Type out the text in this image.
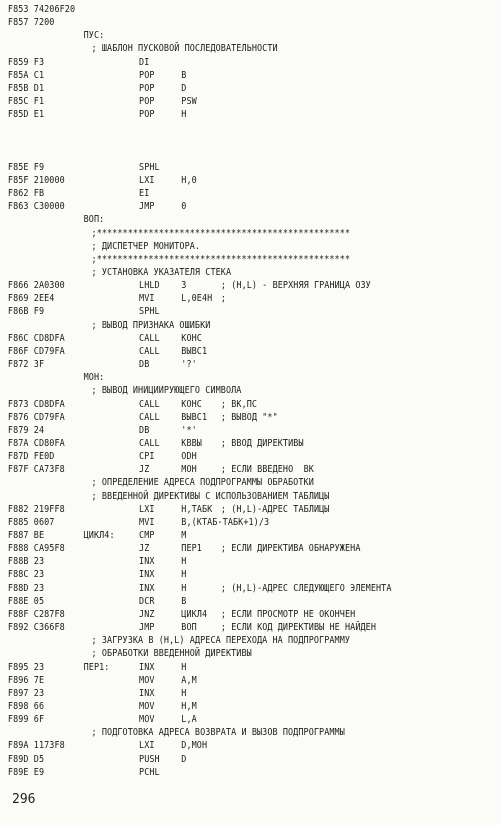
F853 74206F20
F857 7200
ПУС:
; ШАБЛОН ПУСКОВОЙ ПОСЛЕДОВАТЕЛЬНОСТИ
F859 F3	DI
F85A C1	POP	B
F85B D1	POP	D
F85C F1	POP	PSW
F85D E1	POP	H
F85E F9	SPHL
F85F 210000	LXI	H,0
F862 FB	EI
F863 C30000	JMP	0
ВОП:
;*************************************************
; ДИСПЕТЧЕР МОНИТОРА.
;*************************************************
; УСТАНОВКА УКАЗАТЕЛЯ СТЕКА
F866 2A0300	LHLD 3	; (H,L) - ВЕРХНЯЯ ГРАНИЦА ОЗУ
F869 2EE4	MVI	L,0E4H ;
F86B F9	SPHL
; ВЫВОД ПРИЗНАКА ОШИБКИ
F86C CD8DFA	CALL КОНС
F86F CD79FA	CALL ВЫВС1
F872 3F	DB	'?'
МОН:
; ВЫВОД ИНИЦИИРУЮЩЕГО СИМВОЛА
F873 CD8DFA	CALL КОНС ; ВК,ПС
F876 CD79FA	CALL ВЫВС1 ; ВЫВОД "*"
F879 24	DB	'*'
F87A CD80FA	CALL КВВЫ ; ВВОД ДИРЕКТИВЫ
F87D FE0D	CPI	ODH
F87F CA73F8	JZ	МОН	; ЕСЛИ ВВЕДЕНО  ВК
; ОПРЕДЕЛЕНИЕ АДРЕСА ПОДПРОГРАММЫ ОБРАБОТКИ
; ВВЕДЕННОЙ ДИРЕКТИВЫ С ИСПОЛЬЗОВАНИЕМ ТАБЛИЦЫ
F882 219FF8	LXI	H,ТАБК ; (H,L)-АДРЕС ТАБЛИЦЫ
F885 0607	MVI	B,(КТАБ-ТАБК+1)/3
F887 BE	ЦИКЛ4:	CMP	M
F888 CA95F8	JZ	ПЕР1 ; ЕСЛИ ДИРЕКТИВА ОБНАРУЖЕНА
F88B 23	INX	H
F88C 23	INX	H
F88D 23	INX	H	; (H,L)-АДРЕС СЛЕДУЮЩЕГО ЭЛЕМЕНТА
F88E 05	DCR	B
F88F C287F8	JNZ	ЦИКЛ4 ; ЕСЛИ ПРОСМОТР НЕ ОКОНЧЕН
F892 C366F8	JMP	ВОП	; ЕСЛИ КОД ДИРЕКТИВЫ НЕ НАЙДЕН
; ЗАГРУЗКА В (H,L) АДРЕСА ПЕРЕХОДА НА ПОДПРОГРАММУ
; ОБРАБОТКИ ВВЕДЕННОЙ ДИРЕКТИВЫ
F895 23	ПЕР1:	INX	H
F896 7E	MOV	A,M
F897 23	INX	H
F898 66	MOV	H,M
F899 6F	MOV	L,A
; ПОДГОТОВКА АДРЕСА ВОЗВРАТА И ВЫЗОВ ПОДПРОГРАММЫ
F89A 1173F8	LXI	D,МОН
F89D D5	PUSH D
F89E E9	PCHL
296
